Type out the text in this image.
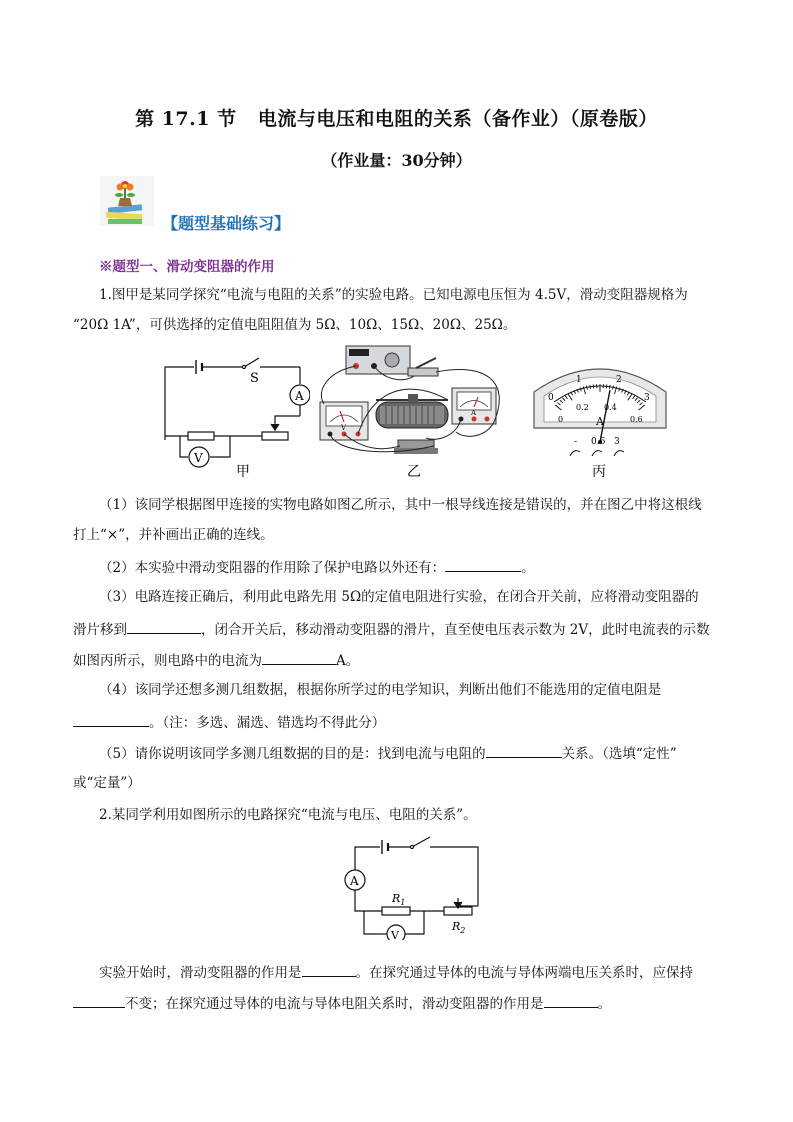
第 17.1 节   电流与电压和电阻的关系（备作业）（原卷版）
（作业量：30分钟）
【题型基础练习】
※题型一、滑动变阻器的作用
1.图甲是某同学探究“电流与电阻的关系”的实验电路。已知电源电压恒为 4.5V，滑动变阻器规格为
“20Ω 1A”，可供选择的定值电阻阻值为 5Ω、10Ω、15Ω、20Ω、25Ω。
S
A
V
甲
V
A
乙
0
1	2
3
0
0.2 0.4
0.6
A
- 0.6 3
丙
（1）该同学根据图甲连接的实物电路如图乙所示，其中一根导线连接是错误的，并在图乙中将这根线
打上“×”，并补画出正确的连线。
（2）本实验中滑动变阻器的作用除了保护电路以外还有：	。
（3）电路连接正确后，利用此电路先用 5Ω的定值电阻进行实验，在闭合开关前，应将滑动变阻器的
滑片移到	，闭合开关后，移动滑动变阻器的滑片，直至使电压表示数为 2V，此时电流表的示数
如图丙所示，则电路中的电流为	A。
（4）该同学还想多测几组数据，根据你所学过的电学知识，判断出他们不能选用的定值电阻是
。（注：多选、漏选、错选均不得此分）
（5）请你说明该同学多测几组数据的目的是：找到电流与电阻的	关系。（选填“定性”
或“定量”）
2.某同学利用如图所示的电路探究“电流与电压、电阻的关系”。
A
V
$R_1$
$R_2$
实验开始时，滑动变阻器的作用是	。在探究通过导体的电流与导体两端电压关系时，应保持
不变；在探究通过导体的电流与导体电阻关系时，滑动变阻器的作用是	。
